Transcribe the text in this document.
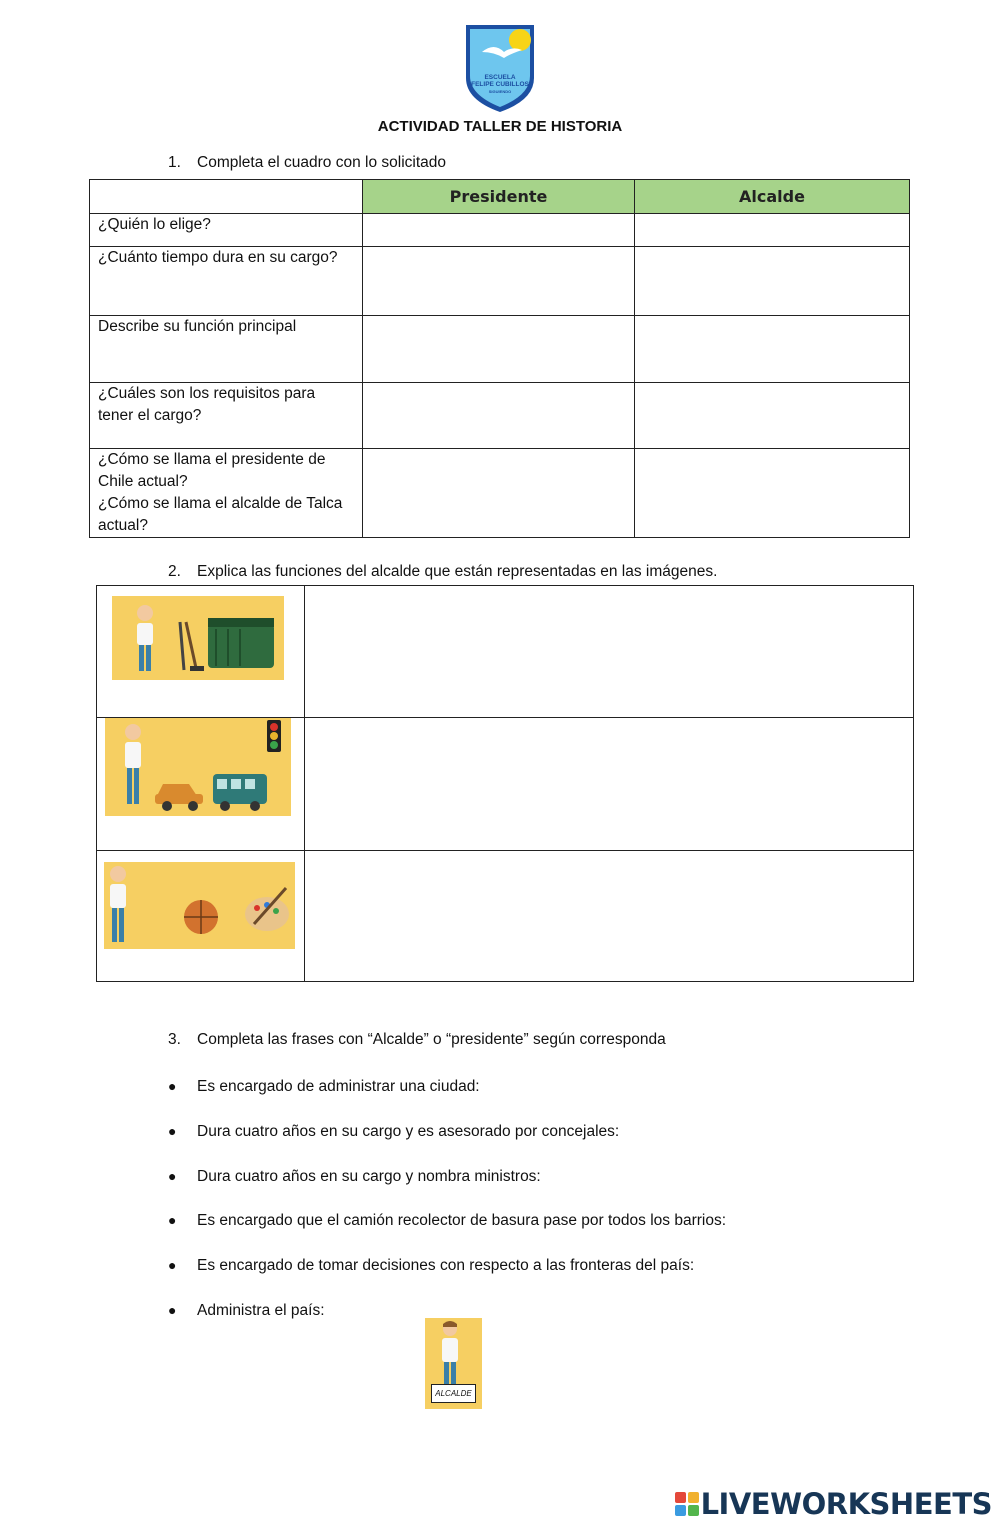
ESCUELA
FELIPE CUBILLOS
SIGUIENDO
ACTIVIDAD TALLER DE HISTORIA
1. Completa el cuadro con lo solicitado
	Presidente	Alcalde

¿Quién lo elige?		

¿Cuánto tiempo dura en su cargo?		

Describe su función principal		

¿Cuáles son los requisitos para
tener el cargo?		

¿Cómo se llama el presidente de
Chile actual?
¿Cómo se llama el alcalde de Talca
actual?		

2. Explica las funciones del alcalde que están representadas en las imágenes.

3. Completa las frases con “Alcalde” o “presidente” según corresponda
● Es encargado de administrar una ciudad:
● Dura cuatro años en su cargo y es asesorado por concejales:
● Dura cuatro años en su cargo y nombra ministros:
● Es encargado que el camión recolector de basura pase por todos los barrios:
● Es encargado de tomar decisiones con respecto a las fronteras del país:
● Administra el país:
ALCALDE
LIVEWORKSHEETS
